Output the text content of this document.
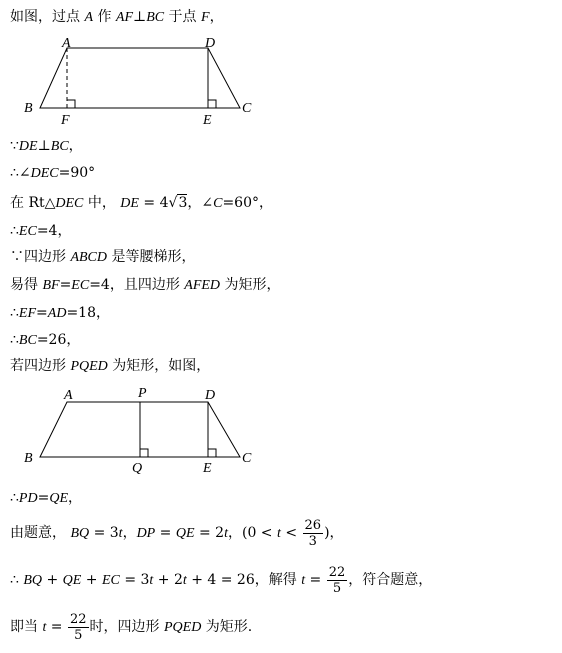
如图，过点 A 作 AF⊥BC 于点 F，
A	D
B
F	E
C
∵DE⊥BC，
∴∠DEC=90°
在 Rt△DEC 中， DE = 4√3，∠C=60°，
∴EC=4，
∵四边形 ABCD 是等腰梯形，
易得 BF=EC=4，且四边形 AFED 为矩形，
∴EF=AD=18，
∴BC=26，
若四边形 PQED 为矩形，如图，
A	P	D
B
Q	E
C
∴PD=QE，
由题意， BQ = 3t，DP = QE = 2t，($0 < t < \frac{26}{3}$ )，
∴ BQ + QE + EC = 3t + 2t + 4 = 26，解得 $t = \frac{22}{5}$ ，符合题意，
即当 $t = \frac{22}{5}$ 时，四边形 PQED 为矩形.
